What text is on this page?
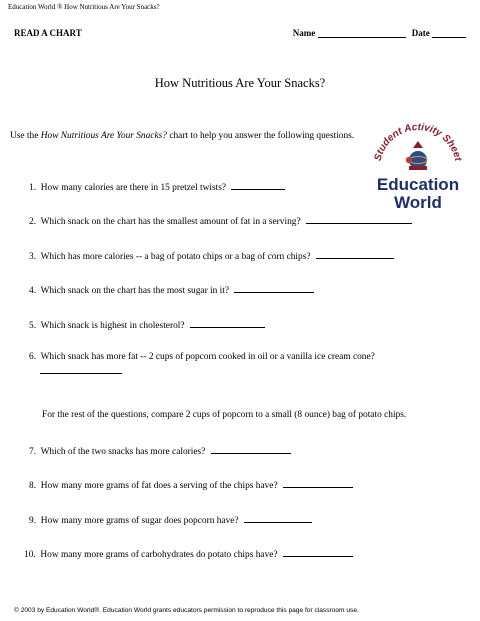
Education World ® How Nutritious Are Your Snacks?
READ A CHART	Name	Date
How Nutritious Are Your Snacks?
Use the How Nutritious Are Your Snacks? chart to help you answer the following questions.
Student Activity Sheet
Education
World
1. How many calories are there in 15 pretzel twists?
2. Which snack on the chart has the smallest amount of fat in a serving?
3. Which has more calories -- a bag of potato chips or a bag of corn chips?
4. Which snack on the chart has the most sugar in it?
5. Which snack is highest in cholesterol?
6. Which snack has more fat -- 2 cups of popcorn cooked in oil or a vanilla ice cream cone?
For the rest of the questions, compare 2 cups of popcorn to a small (8 ounce) bag of potato chips.
7. Which of the two snacks has more calories?
8. How many more grams of fat does a serving of the chips have?
9. How many more grams of sugar does popcorn have?
10. How many more grams of carbohydrates do potato chips have?
© 2003 by Education World®. Education World grants educators permission to reproduce this page for classroom use.
